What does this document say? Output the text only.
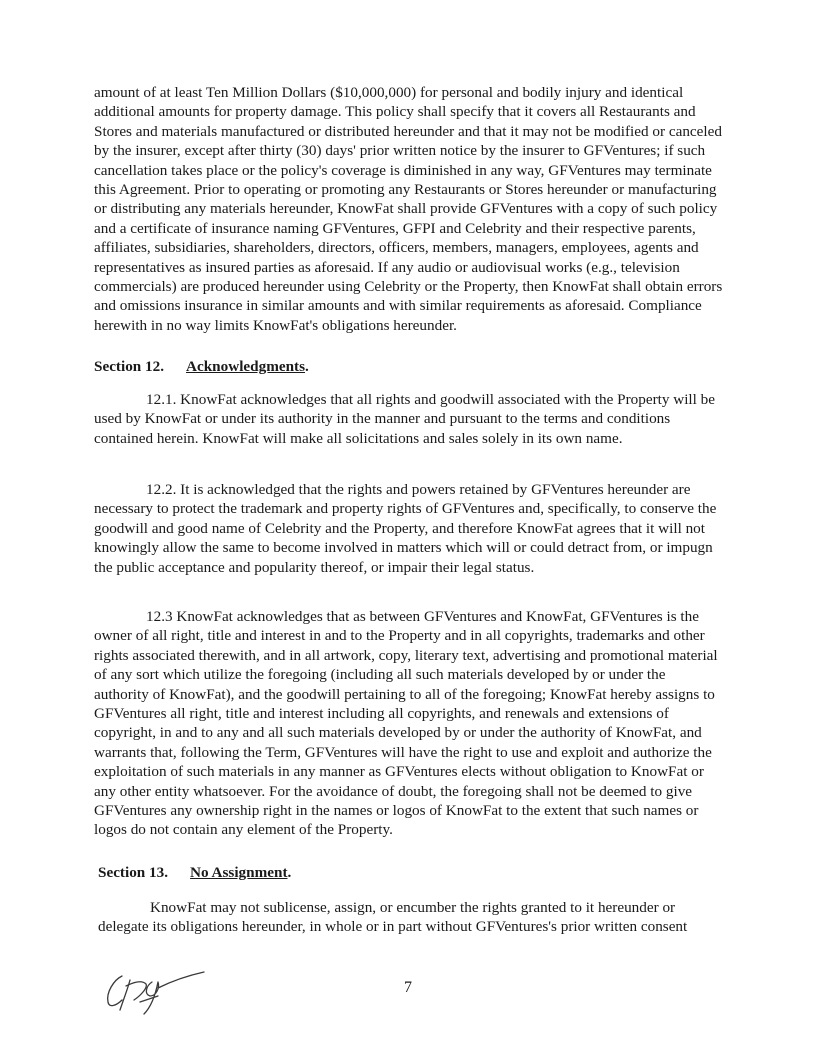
amount of at least Ten Million Dollars ($10,000,000) for personal and bodily injury and identical additional amounts for property damage. This policy shall specify that it covers all Restaurants and Stores and materials manufactured or distributed hereunder and that it may not be modified or canceled by the insurer, except after thirty (30) days' prior written notice by the insurer to GFVentures; if such cancellation takes place or the policy's coverage is diminished in any way, GFVentures may terminate this Agreement. Prior to operating or promoting any Restaurants or Stores hereunder or manufacturing or distributing any materials hereunder, KnowFat shall provide GFVentures with a copy of such policy and a certificate of insurance naming GFVentures, GFPI and Celebrity and their respective parents, affiliates, subsidiaries, shareholders, directors, officers, members, managers, employees, agents and representatives as insured parties as aforesaid. If any audio or audiovisual works (e.g., television commercials) are produced hereunder using Celebrity or the Property, then KnowFat shall obtain errors and omissions insurance in similar amounts and with similar requirements as aforesaid. Compliance herewith in no way limits KnowFat's obligations hereunder.

Section 12. Acknowledgments.

12.1. KnowFat acknowledges that all rights and goodwill associated with the Property will be used by KnowFat or under its authority in the manner and pursuant to the terms and conditions contained herein. KnowFat will make all solicitations and sales solely in its own name.

12.2. It is acknowledged that the rights and powers retained by GFVentures hereunder are necessary to protect the trademark and property rights of GFVentures and, specifically, to conserve the goodwill and good name of Celebrity and the Property, and therefore KnowFat agrees that it will not knowingly allow the same to become involved in matters which will or could detract from, or impugn the public acceptance and popularity thereof, or impair their legal status.

12.3 KnowFat acknowledges that as between GFVentures and KnowFat, GFVentures is the owner of all right, title and interest in and to the Property and in all copyrights, trademarks and other rights associated therewith, and in all artwork, copy, literary text, advertising and promotional material of any sort which utilize the foregoing (including all such materials developed by or under the authority of KnowFat), and the goodwill pertaining to all of the foregoing; KnowFat hereby assigns to GFVentures all right, title and interest including all copyrights, and renewals and extensions of copyright, in and to any and all such materials developed by or under the authority of KnowFat, and warrants that, following the Term, GFVentures will have the right to use and exploit and authorize the exploitation of such materials in any manner as GFVentures elects without obligation to KnowFat or any other entity whatsoever. For the avoidance of doubt, the foregoing shall not be deemed to give GFVentures any ownership right in the names or logos of KnowFat to the extent that such names or logos do not contain any element of the Property.

Section 13. No Assignment.

KnowFat may not sublicense, assign, or encumber the rights granted to it hereunder or delegate its obligations hereunder, in whole or in part without GFVentures's prior written consent

7
